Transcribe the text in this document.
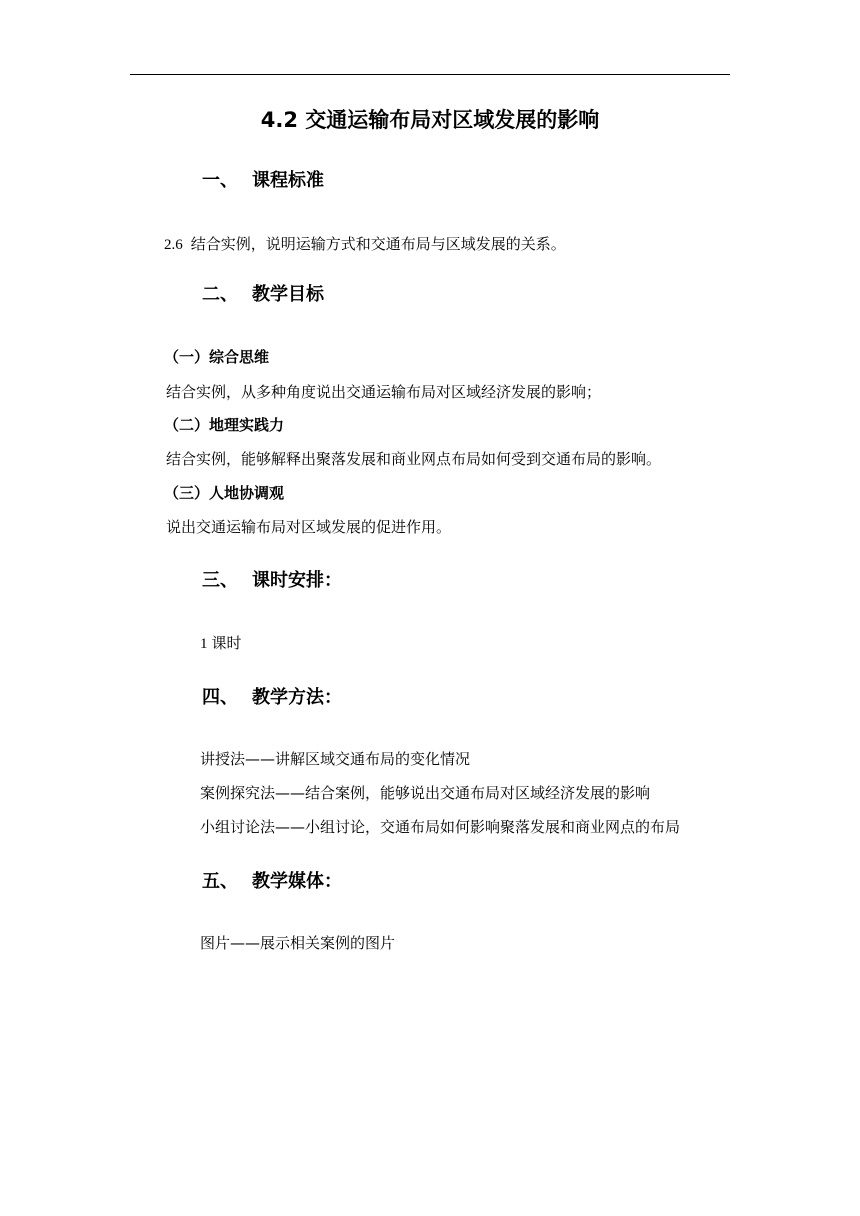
4.2 交通运输布局对区域发展的影响
一、 课程标准
2.6 结合实例，说明运输方式和交通布局与区域发展的关系。
二、 教学目标
（一）综合思维
结合实例，从多种角度说出交通运输布局对区域经济发展的影响；
（二）地理实践力
结合实例，能够解释出聚落发展和商业网点布局如何受到交通布局的影响。
（三）人地协调观
说出交通运输布局对区域发展的促进作用。
三、 课时安排：
1 课时
四、 教学方法：
讲授法——讲解区域交通布局的变化情况
案例探究法——结合案例，能够说出交通布局对区域经济发展的影响
小组讨论法——小组讨论，交通布局如何影响聚落发展和商业网点的布局
五、 教学媒体：
图片——展示相关案例的图片
